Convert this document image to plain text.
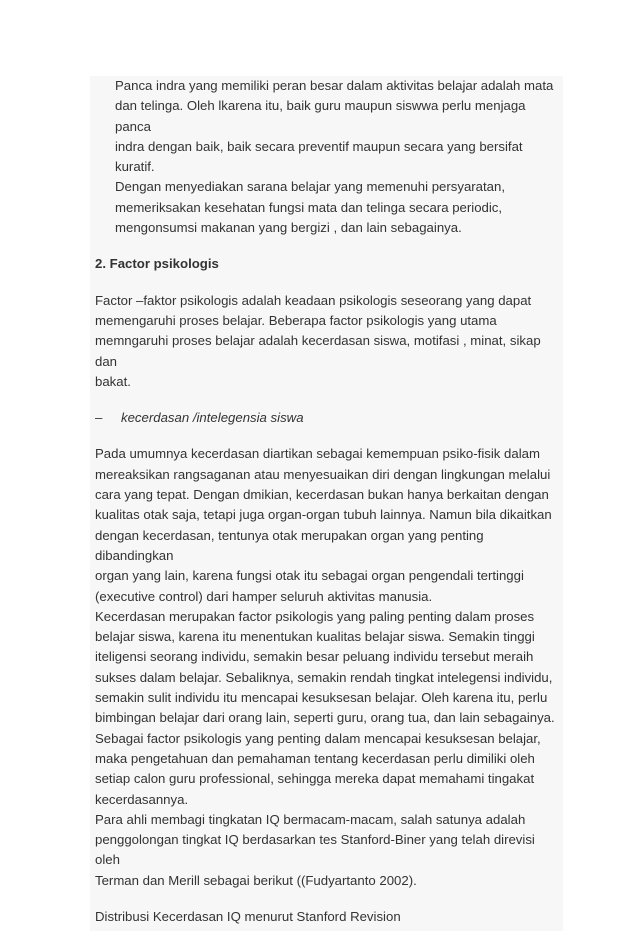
Panca indra yang memiliki peran besar dalam aktivitas belajar adalah mata

dan telinga. Oleh lkarena itu, baik guru maupun siswwa perlu menjaga panca

indra dengan baik, baik secara preventif maupun secara yang bersifat kuratif.

Dengan menyediakan sarana belajar yang memenuhi persyaratan,

memeriksakan kesehatan fungsi mata dan telinga secara periodic,

mengonsumsi makanan yang bergizi , dan lain sebagainya.

2. Factor psikologis

Factor –faktor psikologis adalah keadaan psikologis seseorang yang dapat

memengaruhi proses belajar. Beberapa factor psikologis yang utama

memngaruhi proses belajar adalah kecerdasan siswa, motifasi , minat, sikap dan

bakat.

–	kecerdasan /intelegensia siswa

Pada umumnya kecerdasan diartikan sebagai kemempuan psiko-fisik dalam

mereaksikan rangsaganan atau menyesuaikan diri dengan lingkungan melalui

cara yang tepat. Dengan dmikian, kecerdasan bukan hanya berkaitan dengan

kualitas otak saja, tetapi juga organ-organ tubuh lainnya. Namun bila dikaitkan

dengan kecerdasan, tentunya otak merupakan organ yang penting dibandingkan

organ yang lain, karena fungsi otak itu sebagai organ pengendali tertinggi

(executive control) dari hamper seluruh aktivitas manusia.

Kecerdasan merupakan factor psikologis yang paling penting dalam proses

belajar siswa, karena itu menentukan kualitas belajar siswa. Semakin tinggi

iteligensi seorang individu, semakin besar peluang individu tersebut meraih

sukses dalam belajar. Sebaliknya, semakin rendah tingkat intelegensi individu,

semakin sulit individu itu mencapai kesuksesan belajar. Oleh karena itu, perlu

bimbingan belajar dari orang lain, seperti guru, orang tua, dan lain sebagainya.

Sebagai factor psikologis yang penting dalam mencapai kesuksesan belajar,

maka pengetahuan dan pemahaman tentang kecerdasan perlu dimiliki oleh

setiap calon guru professional, sehingga mereka dapat memahami tingakat

kecerdasannya.

Para ahli membagi tingkatan IQ bermacam-macam, salah satunya adalah

penggolongan tingkat IQ berdasarkan tes Stanford-Biner yang telah direvisi oleh

Terman dan Merill sebagai berikut ((Fudyartanto 2002).

Distribusi Kecerdasan IQ menurut Stanford Revision
